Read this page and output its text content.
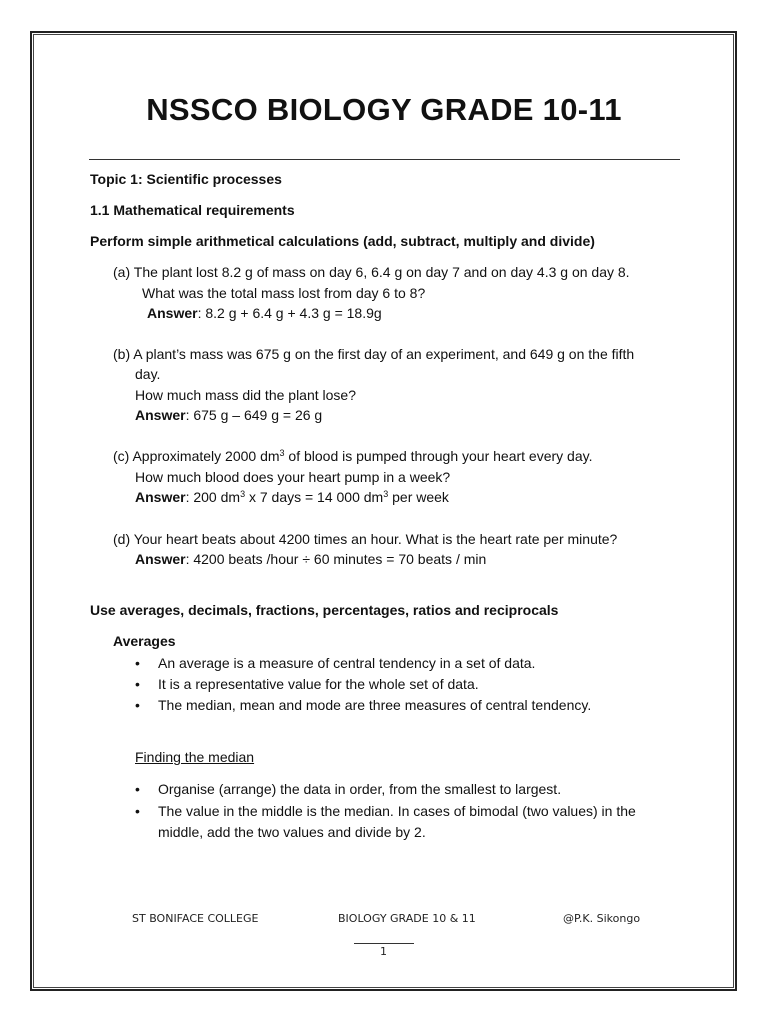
NSSCO BIOLOGY GRADE 10-11
Topic 1: Scientific processes
1.1 Mathematical requirements
Perform simple arithmetical calculations (add, subtract, multiply and divide)
(a) The plant lost 8.2 g of mass on day 6, 6.4 g on day 7 and on day 4.3 g on day 8.
What was the total mass lost from day 6 to 8?
Answer: 8.2 g + 6.4 g + 4.3 g = 18.9g
(b) A plant’s mass was 675 g on the first day of an experiment, and 649 g on the fifth
day.
How much mass did the plant lose?
Answer: 675 g – 649 g = 26 g
(c) Approximately 2000 $dm^3$ of blood is pumped through your heart every day.
How much blood does your heart pump in a week?
Answer: 200 $dm^3$ x 7 days = 14 000 $dm^3$ per week
(d) Your heart beats about 4200 times an hour. What is the heart rate per minute?
Answer: 4200 beats /hour ÷ 60 minutes = 70 beats / min
Use averages, decimals, fractions, percentages, ratios and reciprocals
Averages
• An average is a measure of central tendency in a set of data.
• It is a representative value for the whole set of data.
• The median, mean and mode are three measures of central tendency.
Finding the median
• Organise (arrange) the data in order, from the smallest to largest.
• The value in the middle is the median. In cases of bimodal (two values) in the
middle, add the two values and divide by 2.
ST BONIFACE COLLEGE	BIOLOGY GRADE 10 & 11	@P.K. Sikongo
1
